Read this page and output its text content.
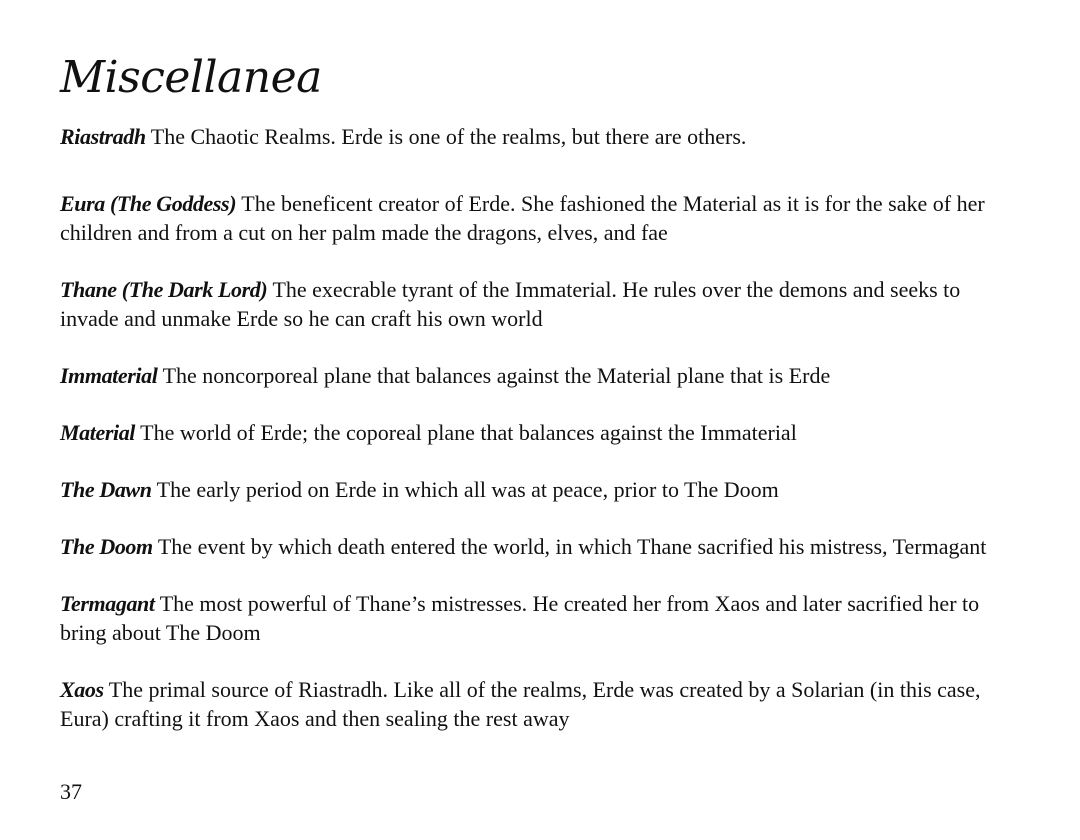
Miscellanea

Riastradh The Chaotic Realms. Erde is one of the realms, but there are others.

Eura (The Goddess) The beneficent creator of Erde. She fashioned the Material as it is for the sake of her children and from a cut on her palm made the dragons, elves, and fae

Thane (The Dark Lord) The execrable tyrant of the Immaterial. He rules over the demons and seeks to invade and unmake Erde so he can craft his own world

Immaterial The noncorporeal plane that balances against the Material plane that is Erde

Material The world of Erde; the coporeal plane that balances against the Immaterial

The Dawn The early period on Erde in which all was at peace, prior to The Doom

The Doom The event by which death entered the world, in which Thane sacrified his mistress, Termagant

Termagant The most powerful of Thane’s mistresses. He created her from Xaos and later sacrified her to bring about The Doom

Xaos The primal source of Riastradh. Like all of the realms, Erde was created by a Solarian (in this case, Eura) crafting it from Xaos and then sealing the rest away

37
